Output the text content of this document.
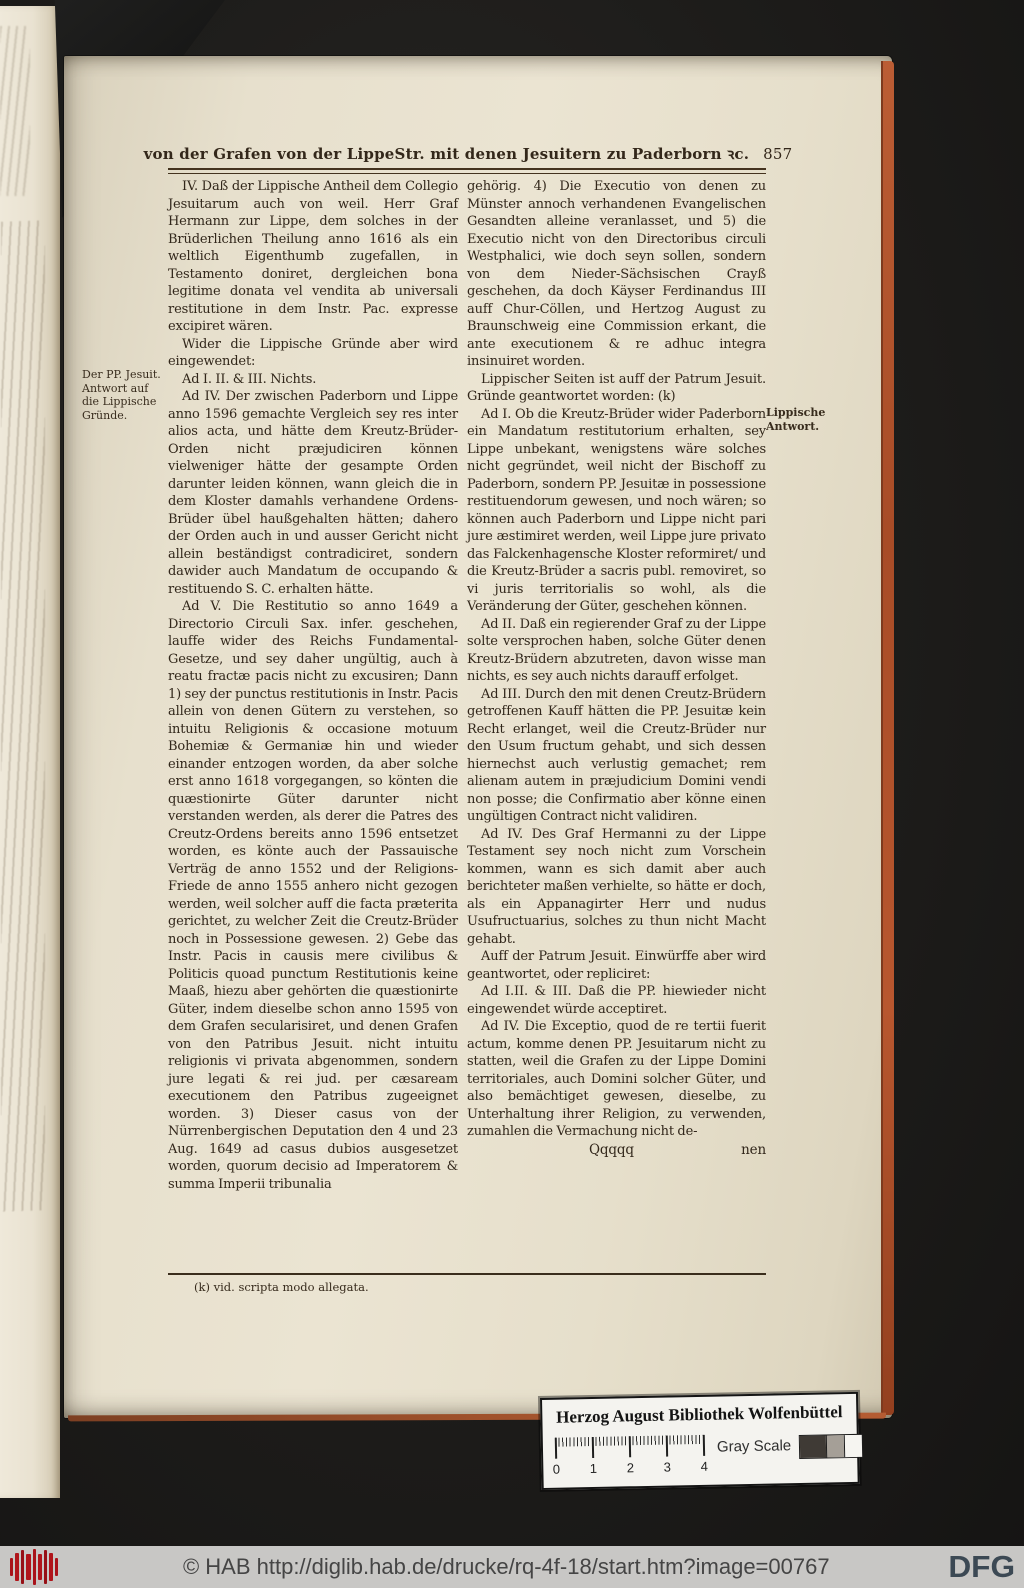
von der Grafen von der LippeStr. mit denen Jesuitern zu Paderborn ꝛc. 857
Der PP. Jesuit. Antwort auf die Lippische Gründe.	Lippische Antwort.

IV. Daß der Lippische Antheil dem Collegio Jesuitarum auch von weil. Herr Graf Hermann zur Lippe, dem solches in der Brüderlichen Theilung anno 1616 als ein weltlich Eigenthumb zugefallen, in Testamento doniret, dergleichen bona legitime donata vel vendita ab universali restitutione in dem Instr. Pac. expresse excipiret wären.

Wider die Lippische Gründe aber wird eingewendet:

Ad I. II. & III. Nichts.

Ad IV. Der zwischen Paderborn und Lippe anno 1596 gemachte Vergleich sey res inter alios acta, und hätte dem Kreutz-Brüder-Orden nicht præjudiciren können vielweniger hätte der gesampte Orden darunter leiden können, wann gleich die in dem Kloster damahls verhandene Ordens-Brüder übel haußgehalten hätten; dahero der Orden auch in und ausser Gericht nicht allein beständigst contradiciret, sondern dawider auch Mandatum de occupando & restituendo S. C. erhalten hätte.

Ad V. Die Restitutio so anno 1649 a Directorio Circuli Sax. infer. geschehen, lauffe wider des Reichs Fundamental-Gesetze, und sey daher ungültig, auch à reatu fractæ pacis nicht zu excusiren; Dann 1) sey der punctus restitutionis in Instr. Pacis allein von denen Gütern zu verstehen, so intuitu Religionis & occasione motuum Bohemiæ & Germaniæ hin und wieder einander entzogen worden, da aber solche erst anno 1618 vorgegangen, so könten die quæstionirte Güter darunter nicht verstanden werden, als derer die Patres des Creutz-Ordens bereits anno 1596 entsetzet worden, es könte auch der Passauische Verträg de anno 1552 und der Religions-Friede de anno 1555 anhero nicht gezogen werden, weil solcher auff die facta præterita gerichtet, zu welcher Zeit die Creutz-Brüder noch in Possessione gewesen. 2) Gebe das Instr. Pacis in causis mere civilibus & Politicis quoad punctum Restitutionis keine Maaß, hiezu aber gehörten die quæstionirte Güter, indem dieselbe schon anno 1595 von dem Grafen secularisiret, und denen Grafen von den Patribus Jesuit. nicht intuitu religionis vi privata abgenommen, sondern jure legati & rei jud. per cæsaream executionem den Patribus zugeeignet worden. 3) Dieser casus von der Nürrenbergischen Deputation den 4 und 23 Aug. 1649 ad casus dubios ausgesetzet worden, quorum decisio ad Imperatorem & summa Imperii tribunalia

gehörig. 4) Die Executio von denen zu Münster annoch verhandenen Evangelischen Gesandten alleine veranlasset, und 5) die Executio nicht von den Directoribus circuli Westphalici, wie doch seyn sollen, sondern von dem Nieder-Sächsischen Crayß geschehen, da doch Käyser Ferdinandus III auff Chur-Cöllen, und Hertzog August zu Braunschweig eine Commission erkant, die ante executionem & re adhuc integra insinuiret worden.

Lippischer Seiten ist auff der Patrum Jesuit. Gründe geantwortet worden: (k)

Ad I. Ob die Kreutz-Brüder wider Paderborn ein Mandatum restitutorium erhalten, sey Lippe unbekant, wenigstens wäre solches nicht gegründet, weil nicht der Bischoff zu Paderborn, sondern PP. Jesuitæ in possessione restituendorum gewesen, und noch wären; so können auch Paderborn und Lippe nicht pari jure æstimiret werden, weil Lippe jure privato das Falckenhagensche Kloster reformiret/ und die Kreutz-Brüder a sacris publ. removiret, so vi juris territorialis so wohl, als die Veränderung der Güter, geschehen können.

Ad II. Daß ein regierender Graf zu der Lippe solte versprochen haben, solche Güter denen Kreutz-Brüdern abzutreten, davon wisse man nichts, es sey auch nichts darauff erfolget.

Ad III. Durch den mit denen Creutz-Brüdern getroffenen Kauff hätten die PP. Jesuitæ kein Recht erlanget, weil die Creutz-Brüder nur den Usum fructum gehabt, und sich dessen hiernechst auch verlustig gemachet; rem alienam autem in præjudicium Domini vendi non posse; die Confirmatio aber könne einen ungültigen Contract nicht validiren.

Ad IV. Des Graf Hermanni zu der Lippe Testament sey noch nicht zum Vorschein kommen, wann es sich damit aber auch berichteter maßen verhielte, so hätte er doch, als ein Appanagirter Herr und nudus Usufructuarius, solches zu thun nicht Macht gehabt.

Auff der Patrum Jesuit. Einwürffe aber wird geantwortet, oder repliciret:

Ad I.II. & III. Daß die PP. hiewieder nicht eingewendet würde acceptiret.

Ad IV. Die Exceptio, quod de re tertii fuerit actum, komme denen PP. Jesuitarum nicht zu statten, weil die Grafen zu der Lippe Domini territoriales, auch Domini solcher Güter, und also bemächtiget gewesen, dieselbe, zu Unterhaltung ihrer Religion, zu verwenden, zumahlen die Vermachung nicht de-

Qqqqq	nen
(k) vid. scripta modo allegata.
Herzog August Bibliothek Wolfenbüttel
0 1 2 3 4
Gray Scale
© HAB http://diglib.hab.de/drucke/rq-4f-18/start.htm?image=00767	DFG
